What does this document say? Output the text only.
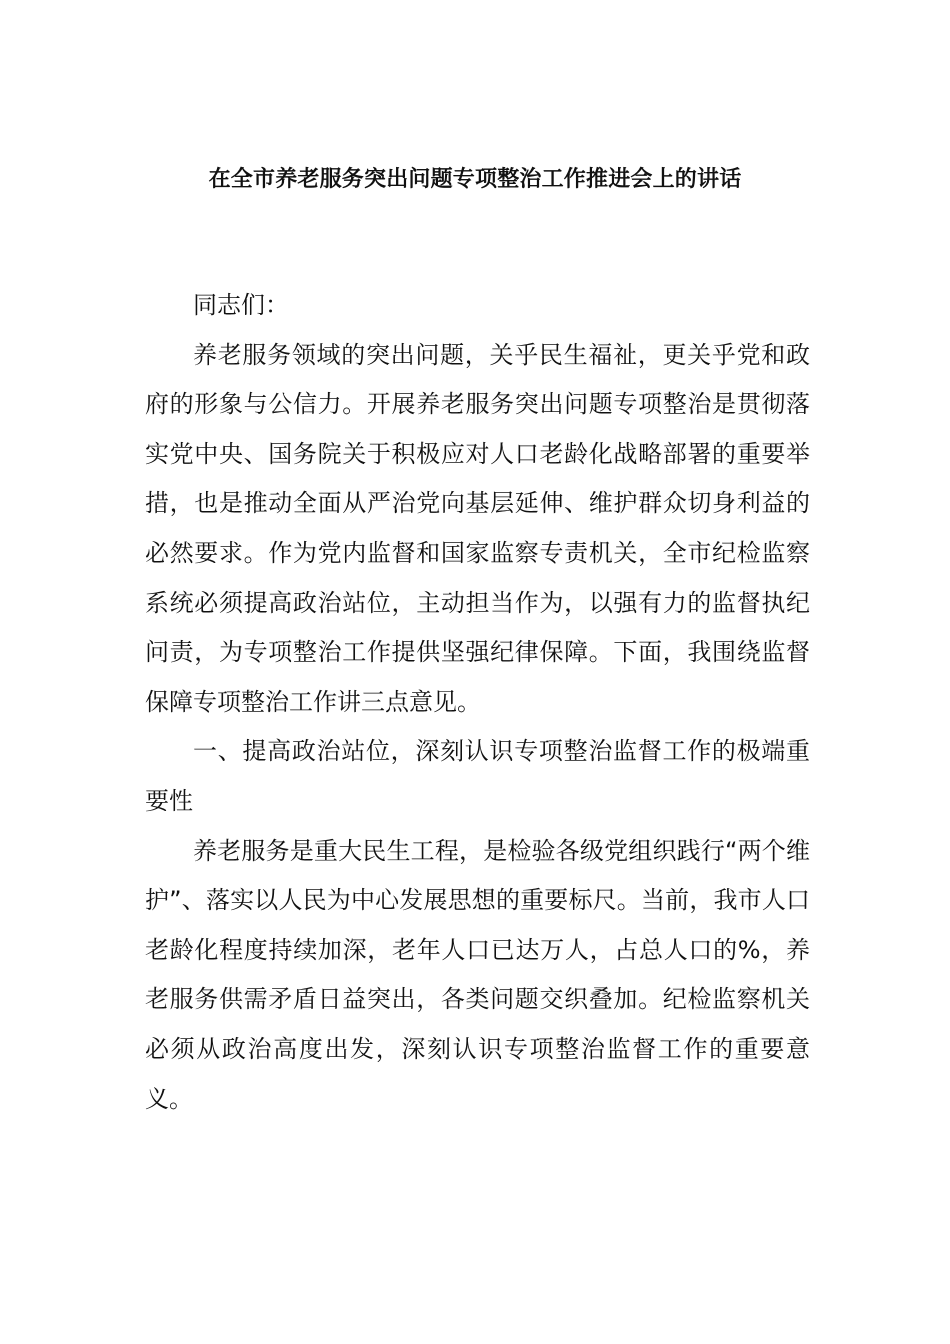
在全市养老服务突出问题专项整治工作推进会上的讲话

同志们：

养老服务领域的突出问题，关乎民生福祉，更关乎党和政府的形象与公信力。开展养老服务突出问题专项整治是贯彻落实党中央、国务院关于积极应对人口老龄化战略部署的重要举措，也是推动全面从严治党向基层延伸、维护群众切身利益的必然要求。作为党内监督和国家监察专责机关，全市纪检监察系统必须提高政治站位，主动担当作为，以强有力的监督执纪问责，为专项整治工作提供坚强纪律保障。下面，我围绕监督保障专项整治工作讲三点意见。

一、提高政治站位，深刻认识专项整治监督工作的极端重要性

养老服务是重大民生工程，是检验各级党组织践行“两个维护”、落实以人民为中心发展思想的重要标尺。当前，我市人口老龄化程度持续加深，老年人口已达万人，占总人口的%，养老服务供需矛盾日益突出，各类问题交织叠加。纪检监察机关必须从政治高度出发，深刻认识专项整治监督工作的重要意义。
